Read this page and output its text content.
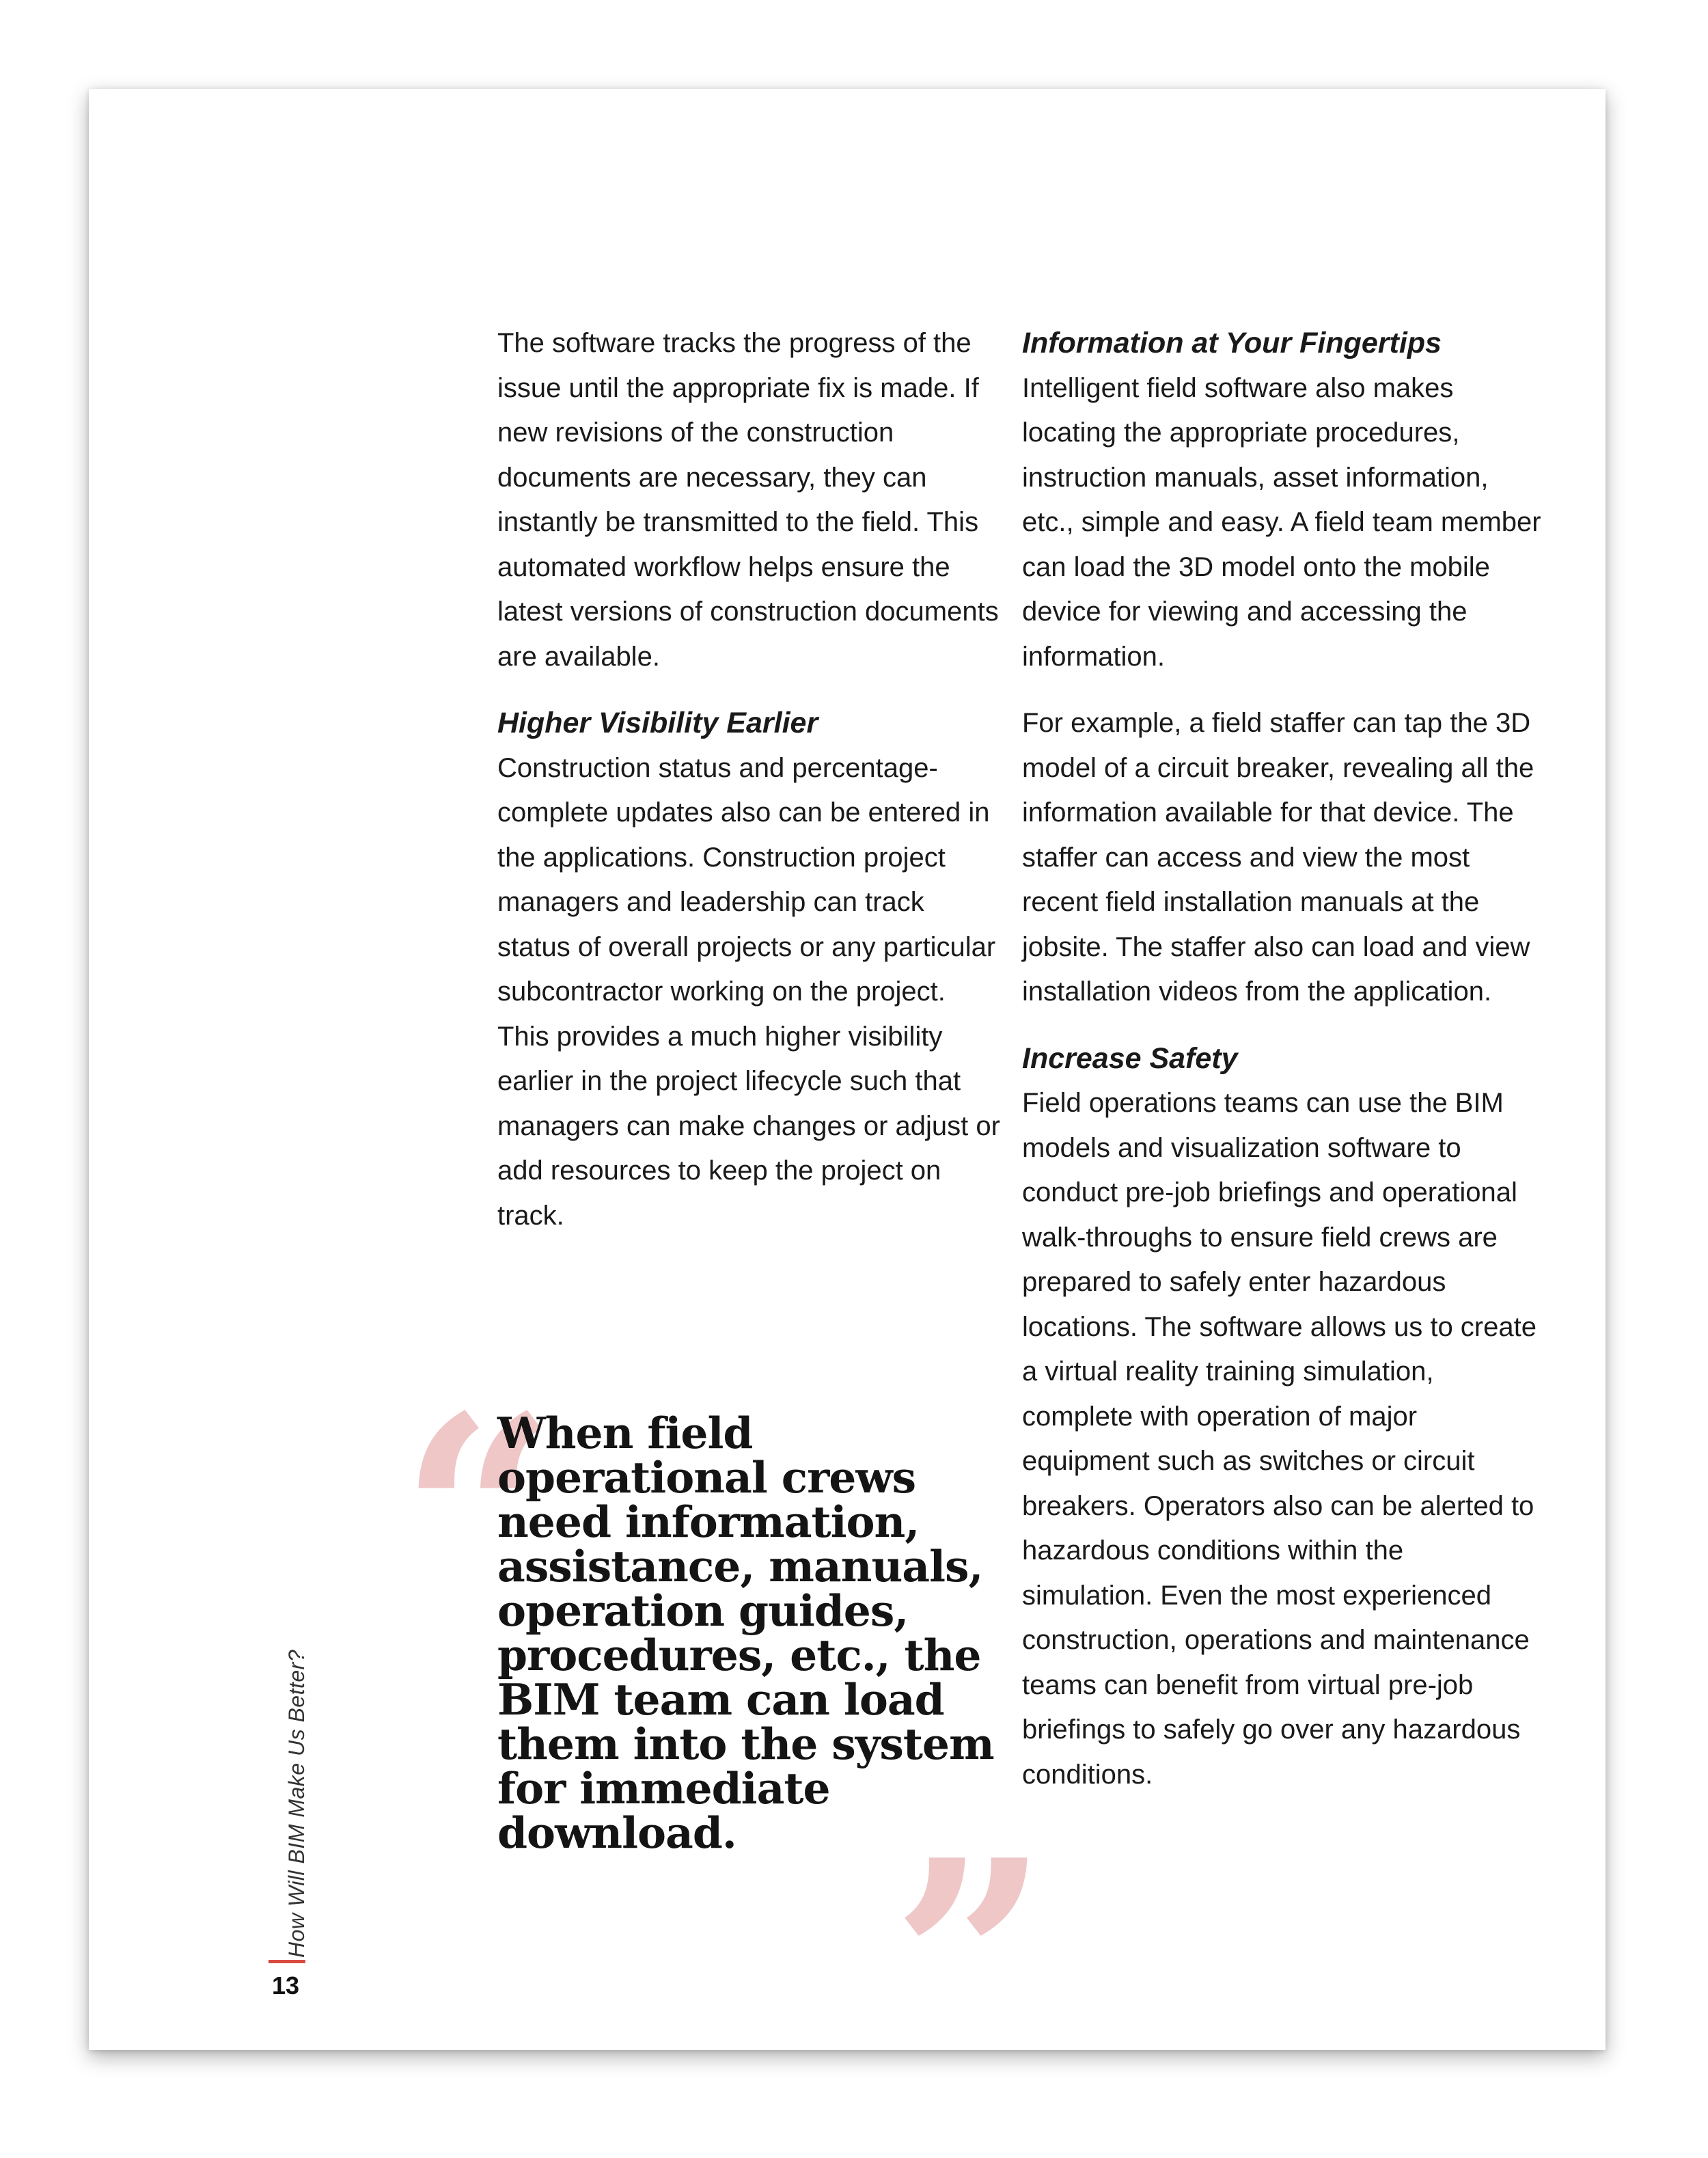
The software tracks the progress of the issue until the appropriate fix is made. If new revisions of the construction documents are necessary, they can instantly be transmitted to the field. This automated workflow helps ensure the latest versions of construction documents are available.

Higher Visibility Earlier

Construction status and percentage-complete updates also can be entered in the applications. Construction project managers and leadership can track status of overall projects or any particular subcontractor working on the project. This provides a much higher visibility earlier in the project lifecycle such that managers can make changes or adjust or add resources to keep the project on track.

“
When field operational crews need information, assistance, manuals, operation guides, procedures, etc., the BIM team can load them into the system for immediate download. ”
Information at Your Fingertips

Intelligent field software also makes locating the appropriate procedures, instruction manuals, asset information, etc., simple and easy. A field team member can load the 3D model onto the mobile device for viewing and accessing the information.

For example, a field staffer can tap the 3D model of a circuit breaker, revealing all the information available for that device. The staffer can access and view the most recent field installation manuals at the jobsite. The staffer also can load and view installation videos from the application.

Increase Safety

Field operations teams can use the BIM models and visualization software to conduct pre-job briefings and operational walk-throughs to ensure field crews are prepared to safely enter hazardous locations. The software allows us to create a virtual reality training simulation, complete with operation of major equipment such as switches or circuit breakers. Operators also can be alerted to hazardous conditions within the simulation. Even the most experienced construction, operations and maintenance teams can benefit from virtual pre-job briefings to safely go over any hazardous conditions.

How Will BIM Make Us Better?
13
